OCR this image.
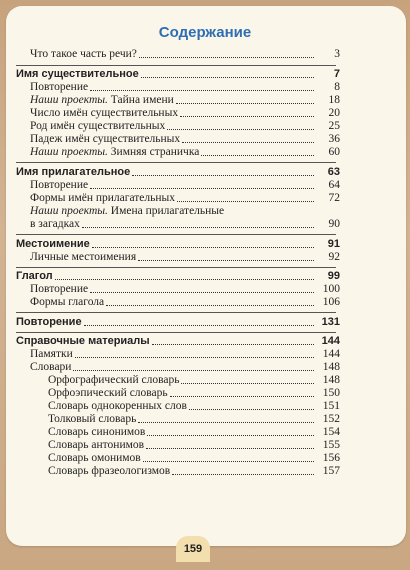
Содержание
Что такое часть речи?	3
Имя существительное	7
Повторение	8
Наши проекты. Тайна имени	18
Число имён существительных	20
Род имён существительных	25
Падеж имён существительных	36
Наши проекты. Зимняя страничка	60
Имя прилагательное	63
Повторение	64
Формы имён прилагательных	72
Наши проекты. Имена прилагательные
в загадках	90
Местоимение	91
Личные местоимения	92
Глагол	99
Повторение	100
Формы глагола	106
Повторение	131
Справочные материалы	144
Памятки	144
Словари	148
Орфографический словарь	148
Орфоэпический словарь	150
Словарь однокоренных слов	151
Толковый словарь	152
Словарь синонимов	154
Словарь антонимов	155
Словарь омонимов	156
Словарь фразеологизмов	157
159
